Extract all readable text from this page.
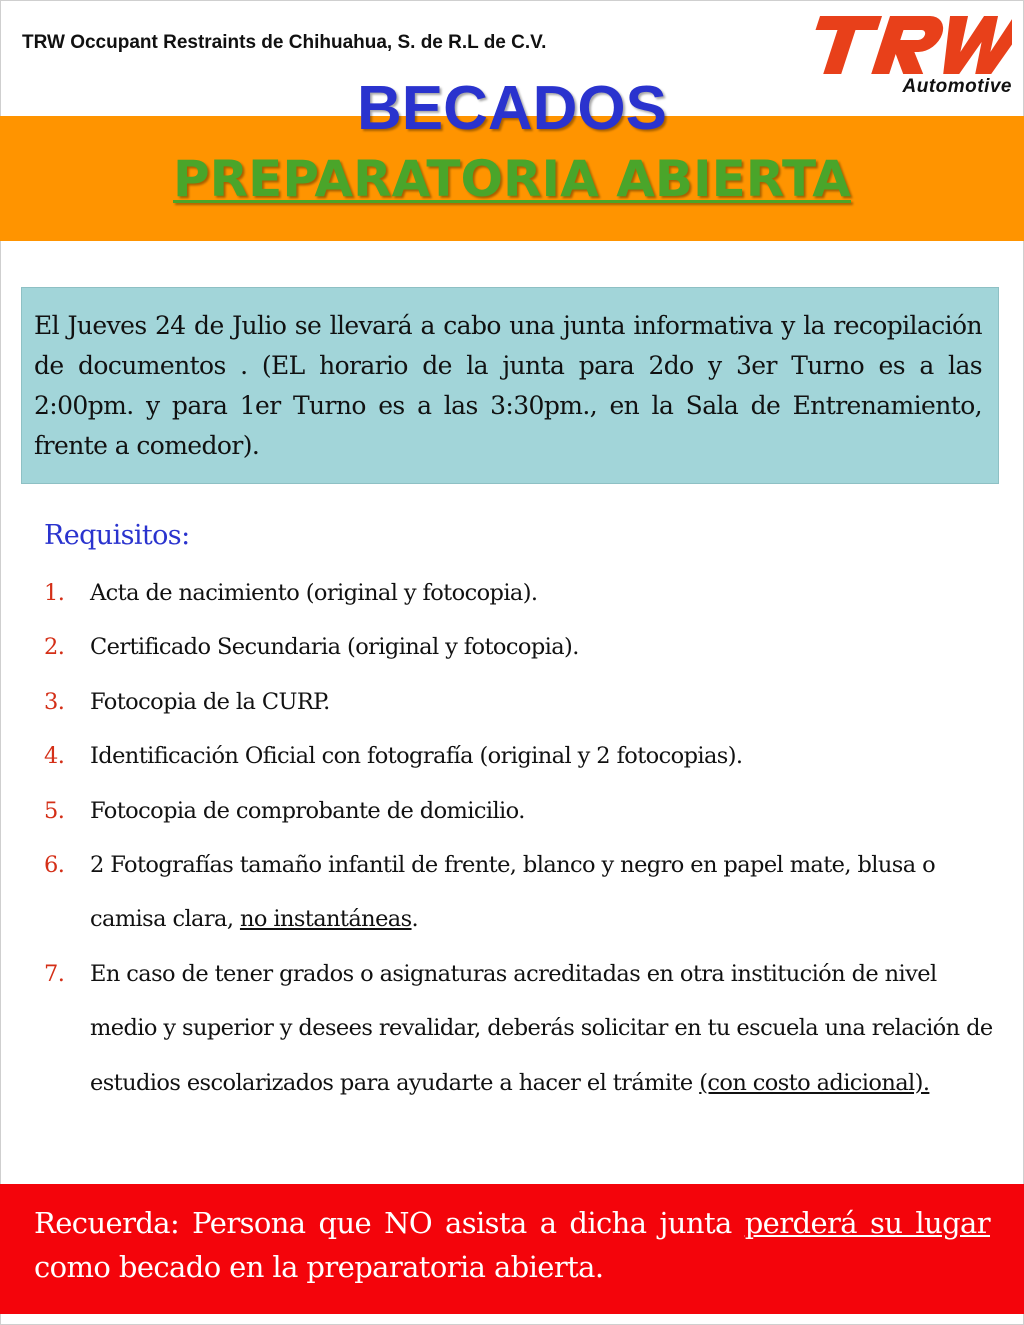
TRW Occupant Restraints de Chihuahua, S. de R.L de C.V.
Automotive
BECADOS
PREPARATORIA ABIERTA

El Jueves 24 de Julio se llevará a cabo una junta informativa y la recopilación de documentos . (EL horario de la junta para 2do y 3er Turno es a las 2:00pm. y para 1er Turno es a las 3:30pm., en la Sala de Entrenamiento, frente a comedor).

Requisitos:
1.	Acta de nacimiento (original y fotocopia).
2.	Certificado Secundaria (original y fotocopia).
3.	Fotocopia de la CURP.
4.	Identificación Oficial con fotografía (original y 2 fotocopias).
5.	Fotocopia de comprobante de domicilio.
6.	2 Fotografías tamaño infantil de frente, blanco y negro en papel mate, blusa o camisa clara, no instantáneas.
7.	En caso de tener grados o asignaturas acreditadas en otra institución de nivel medio y superior y desees revalidar, deberás solicitar en tu escuela una relación de estudios escolarizados para ayudarte a hacer el trámite (con costo adicional).

Recuerda: Persona que NO asista a dicha junta perderá su lugar como becado en la preparatoria abierta.
